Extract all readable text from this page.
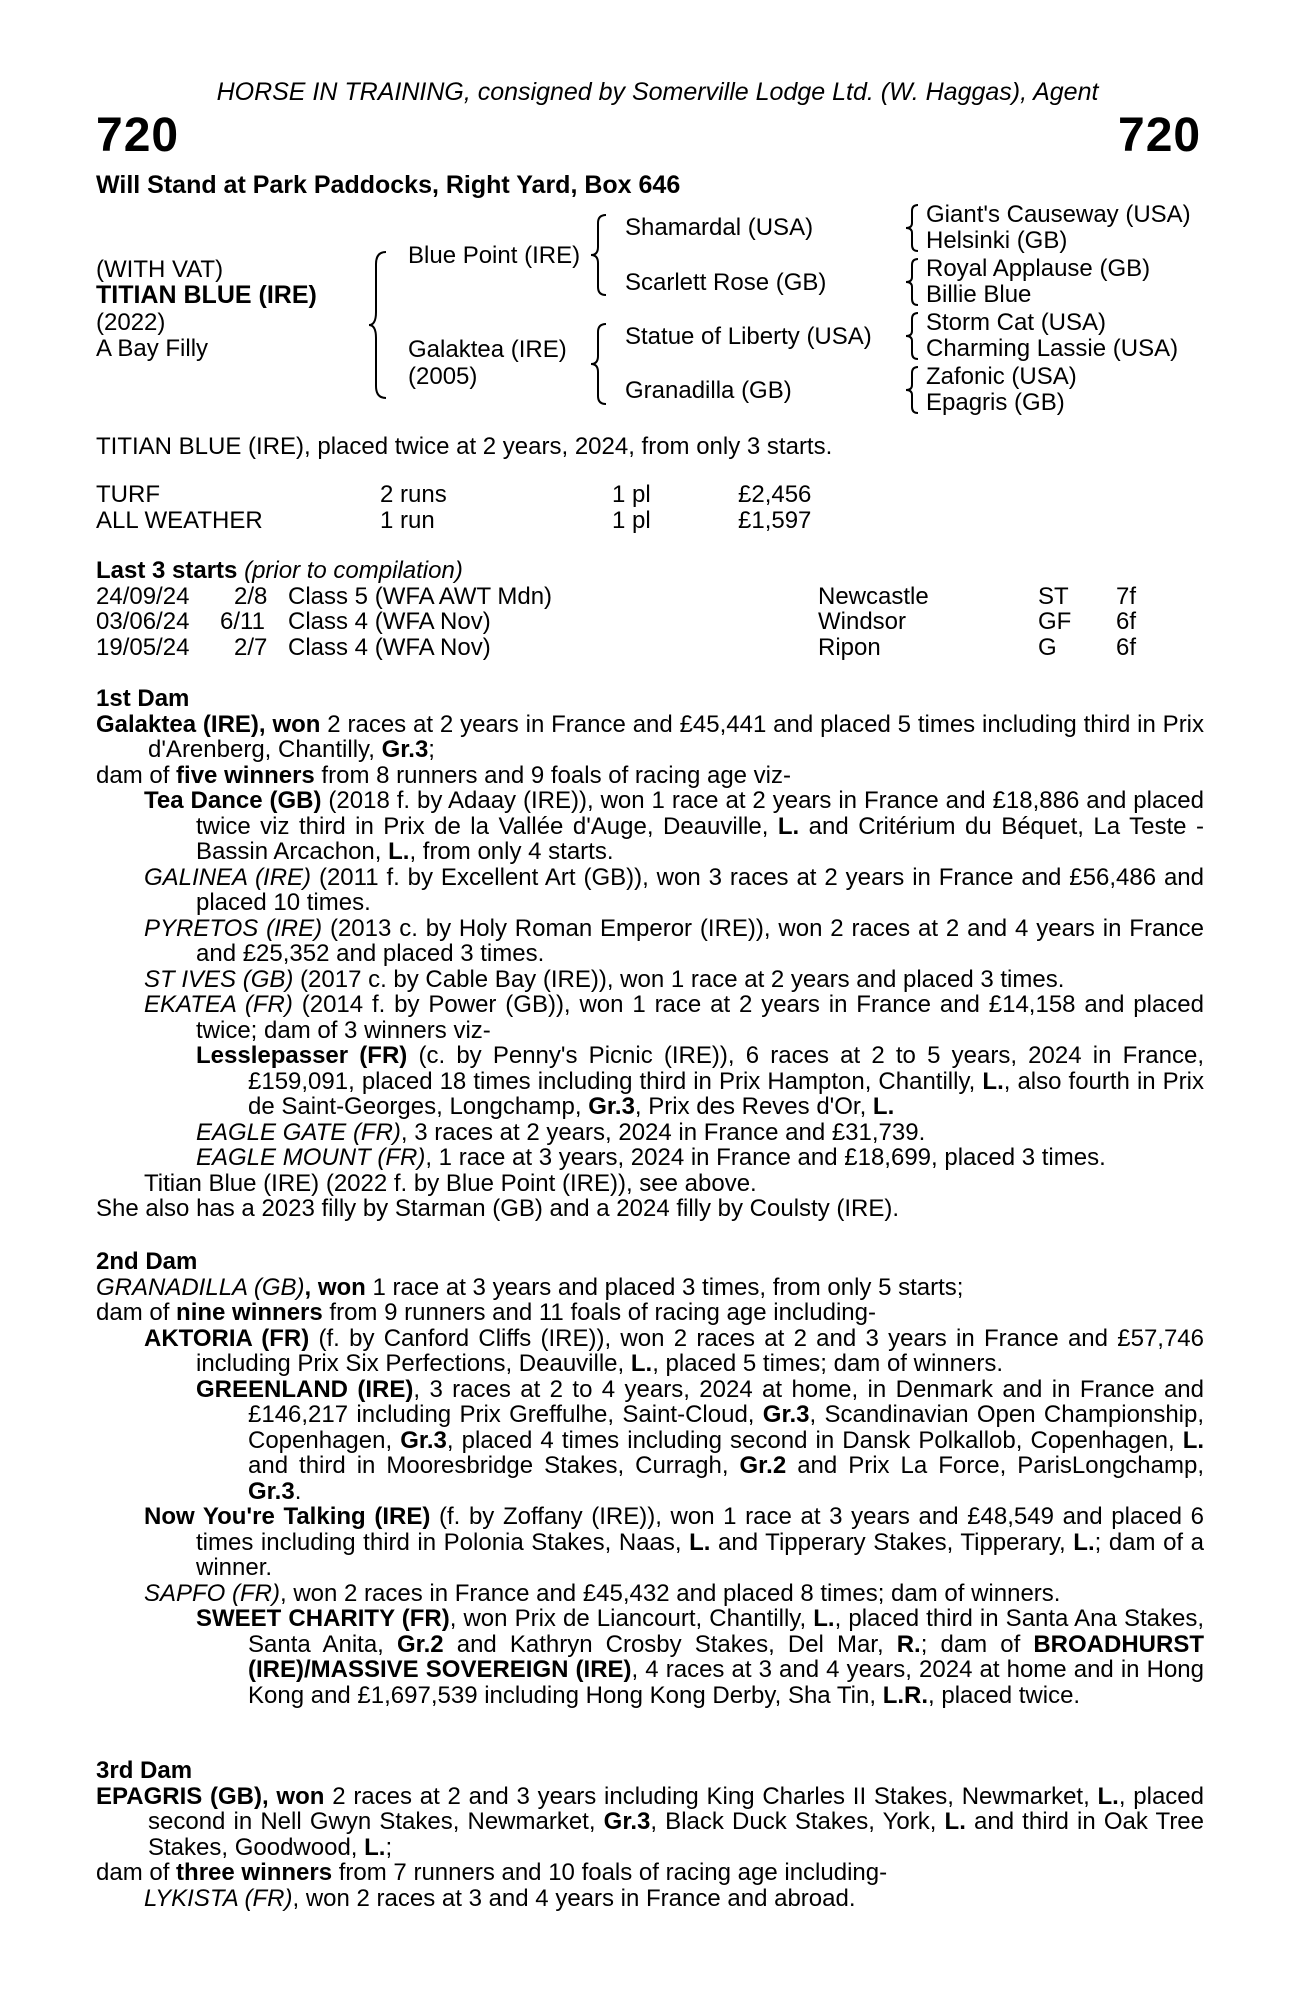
HORSE IN TRAINING, consigned by Somerville Lodge Ltd. (W. Haggas), Agent
720	720
Will Stand at Park Paddocks, Right Yard, Box 646
(WITH VAT)
TITIAN BLUE (IRE)
(2022)
A Bay Filly
Blue Point (IRE)
Galaktea (IRE)
(2005)
Shamardal (USA)
Scarlett Rose (GB)
Statue of Liberty (USA)
Granadilla (GB)
Giant's Causeway (USA)
Helsinki (GB)
Royal Applause (GB)
Billie Blue
Storm Cat (USA)
Charming Lassie (USA)
Zafonic (USA)
Epagris (GB)
TITIAN BLUE (IRE), placed twice at 2 years, 2024, from only 3 starts.
TURF	2 runs	1 pl	£2,456
ALL WEATHER	1 run	1 pl	£1,597
Last 3 starts (prior to compilation)
24/09/24 2/8 Class 5 (WFA AWT Mdn)	Newcastle	ST 7f
03/06/24 6/11 Class 4 (WFA Nov)	Windsor	GF 6f
19/05/24 2/7 Class 4 (WFA Nov)	Ripon	G 6f
1st Dam
Galaktea (IRE), won 2 races at 2 years in France and £45,441 and placed 5 times including third in Prix d'Arenberg, Chantilly, Gr.3;
dam of five winners from 8 runners and 9 foals of racing age viz-
Tea Dance (GB) (2018 f. by Adaay (IRE)), won 1 race at 2 years in France and £18,886 and placed twice viz third in Prix de la Vallée d'Auge, Deauville, L. and Critérium du Béquet, La Teste - Bassin Arcachon, L., from only 4 starts.
GALINEA (IRE) (2011 f. by Excellent Art (GB)), won 3 races at 2 years in France and £56,486 and placed 10 times.
PYRETOS (IRE) (2013 c. by Holy Roman Emperor (IRE)), won 2 races at 2 and 4 years in France and £25,352 and placed 3 times.
ST IVES (GB) (2017 c. by Cable Bay (IRE)), won 1 race at 2 years and placed 3 times.
EKATEA (FR) (2014 f. by Power (GB)), won 1 race at 2 years in France and £14,158 and placed twice; dam of 3 winners viz-
Lesslepasser (FR) (c. by Penny's Picnic (IRE)), 6 races at 2 to 5 years, 2024 in France, £159,091, placed 18 times including third in Prix Hampton, Chantilly, L., also fourth in Prix de Saint-Georges, Longchamp, Gr.3, Prix des Reves d'Or, L.
EAGLE GATE (FR), 3 races at 2 years, 2024 in France and £31,739.
EAGLE MOUNT (FR), 1 race at 3 years, 2024 in France and £18,699, placed 3 times.
Titian Blue (IRE) (2022 f. by Blue Point (IRE)), see above.
She also has a 2023 filly by Starman (GB) and a 2024 filly by Coulsty (IRE).
2nd Dam
GRANADILLA (GB), won 1 race at 3 years and placed 3 times, from only 5 starts;
dam of nine winners from 9 runners and 11 foals of racing age including-
AKTORIA (FR) (f. by Canford Cliffs (IRE)), won 2 races at 2 and 3 years in France and £57,746 including Prix Six Perfections, Deauville, L., placed 5 times; dam of winners.
GREENLAND (IRE), 3 races at 2 to 4 years, 2024 at home, in Denmark and in France and £146,217 including Prix Greffulhe, Saint-Cloud, Gr.3, Scandinavian Open Championship, Copenhagen, Gr.3, placed 4 times including second in Dansk Polkallob, Copenhagen, L. and third in Mooresbridge Stakes, Curragh, Gr.2 and Prix La Force, ParisLongchamp, Gr.3.
Now You're Talking (IRE) (f. by Zoffany (IRE)), won 1 race at 3 years and £48,549 and placed 6 times including third in Polonia Stakes, Naas, L. and Tipperary Stakes, Tipperary, L.; dam of a winner.
SAPFO (FR), won 2 races in France and £45,432 and placed 8 times; dam of winners.
SWEET CHARITY (FR), won Prix de Liancourt, Chantilly, L., placed third in Santa Ana Stakes, Santa Anita, Gr.2 and Kathryn Crosby Stakes, Del Mar, R.; dam of BROADHURST (IRE)/MASSIVE SOVEREIGN (IRE), 4 races at 3 and 4 years, 2024 at home and in Hong Kong and £1,697,539 including Hong Kong Derby, Sha Tin, L.R., placed twice.
3rd Dam
EPAGRIS (GB), won 2 races at 2 and 3 years including King Charles II Stakes, Newmarket, L., placed second in Nell Gwyn Stakes, Newmarket, Gr.3, Black Duck Stakes, York, L. and third in Oak Tree Stakes, Goodwood, L.;
dam of three winners from 7 runners and 10 foals of racing age including-
LYKISTA (FR), won 2 races at 3 and 4 years in France and abroad.
